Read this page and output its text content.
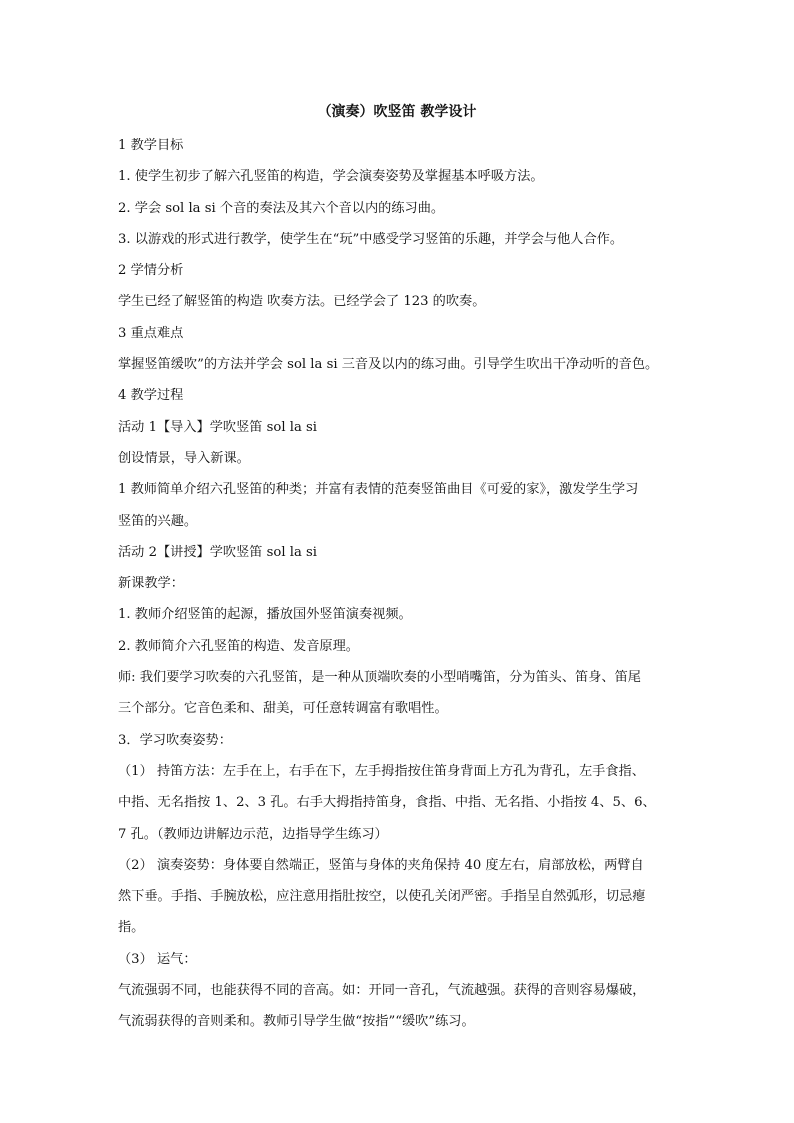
（演奏）吹竖笛 教学设计
1 教学目标
1. 使学生初步了解六孔竖笛的构造，学会演奏姿势及掌握基本呼吸方法。
2. 学会 sol la si 个音的奏法及其六个音以内的练习曲。
3. 以游戏的形式进行教学，使学生在“玩”中感受学习竖笛的乐趣，并学会与他人合作。
2 学情分析
学生已经了解竖笛的构造 吹奏方法。已经学会了 123 的吹奏。
3 重点难点
掌握竖笛缓吹”的方法并学会 sol la si 三音及以内的练习曲。引导学生吹出干净动听的音色。
4 教学过程
活动 1【导入】学吹竖笛 sol la si
创设情景，导入新课。
1 教师简单介绍六孔竖笛的种类；并富有表情的范奏竖笛曲目《可爱的家》，激发学生学习
竖笛的兴趣。
活动 2【讲授】学吹竖笛 sol la si
新课教学：
1. 教师介绍竖笛的起源，播放国外竖笛演奏视频。
2. 教师简介六孔竖笛的构造、发音原理。
师: 我们要学习吹奏的六孔竖笛，是一种从顶端吹奏的小型哨嘴笛，分为笛头、笛身、笛尾
三个部分。它音色柔和、甜美，可任意转调富有歌唱性。
3．学习吹奏姿势：
（1） 持笛方法：左手在上，右手在下，左手拇指按住笛身背面上方孔为背孔，左手食指、
中指、无名指按 1、2、3 孔。右手大拇指持笛身，食指、中指、无名指、小指按 4、5、6、
7 孔。（教师边讲解边示范，边指导学生练习）
（2） 演奏姿势：身体要自然端正，竖笛与身体的夹角保持 40 度左右，肩部放松，两臂自
然下垂。手指、手腕放松，应注意用指肚按空，以使孔关闭严密。手指呈自然弧形，切忌瘪
指。
（3） 运气：
气流强弱不同，也能获得不同的音高。如：开同一音孔，气流越强。获得的音则容易爆破，
气流弱获得的音则柔和。教师引导学生做“按指”“缓吹”练习。
